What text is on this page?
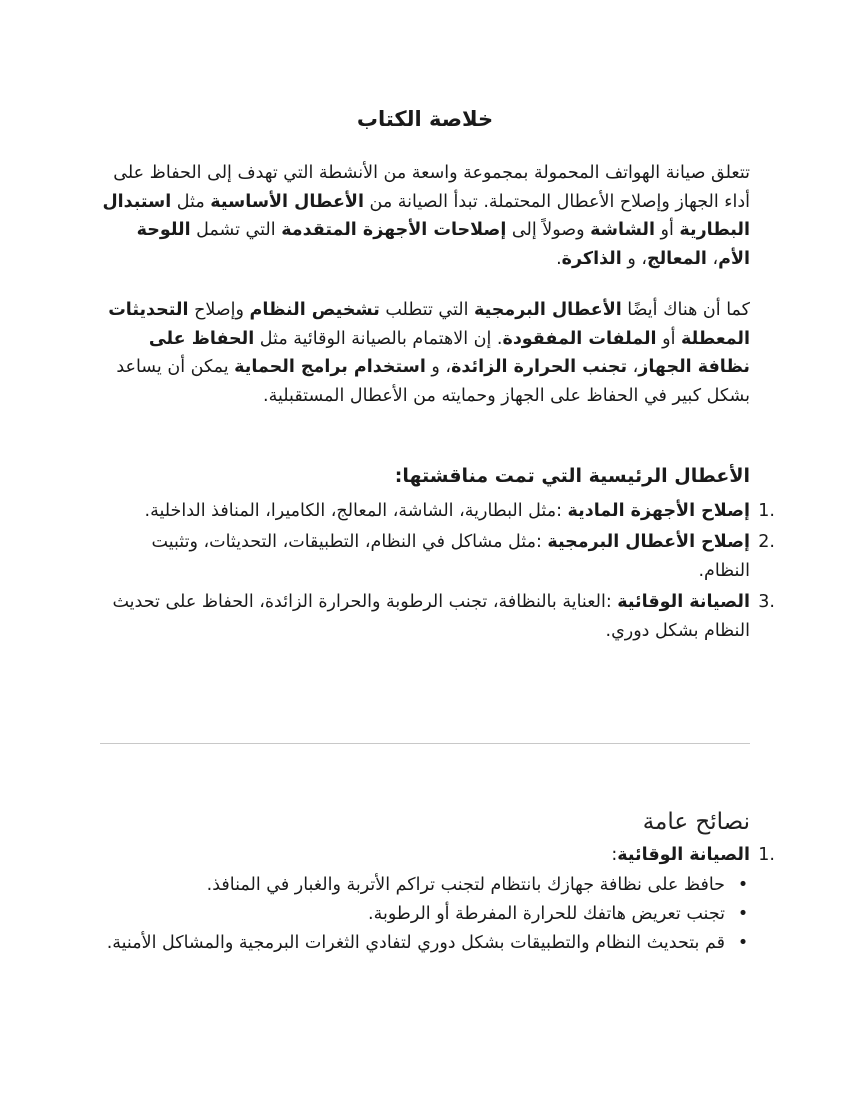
خلاصة الكتاب

تتعلق صيانة الهواتف المحمولة بمجموعة واسعة من الأنشطة التي تهدف إلى الحفاظ على أداء الجهاز وإصلاح الأعطال المحتملة. تبدأ الصيانة من الأعطال الأساسية مثل استبدال البطارية أو الشاشة وصولاً إلى إصلاحات الأجهزة المتقدمة التي تشمل اللوحة الأم، المعالج، و الذاكرة.

كما أن هناك أيضًا الأعطال البرمجية التي تتطلب تشخيص النظام وإصلاح التحديثات المعطلة أو الملفات المفقودة. إن الاهتمام بالصيانة الوقائية مثل الحفاظ على نظافة الجهاز، تجنب الحرارة الزائدة، و استخدام برامج الحماية يمكن أن يساعد بشكل كبير في الحفاظ على الجهاز وحمايته من الأعطال المستقبلية.

الأعطال الرئيسية التي تمت مناقشتها:
1.
إصلاح الأجهزة المادية :مثل البطارية، الشاشة، المعالج، الكاميرا، المنافذ الداخلية.
2.
إصلاح الأعطال البرمجية :مثل مشاكل في النظام، التطبيقات، التحديثات، وتثبيت النظام.
3.
الصيانة الوقائية :العناية بالنظافة، تجنب الرطوبة والحرارة الزائدة، الحفاظ على تحديث النظام بشكل دوري.
نصائح عامة

1.
الصيانة الوقائية:

•
حافظ على نظافة جهازك بانتظام لتجنب تراكم الأتربة والغبار في المنافذ.
•
تجنب تعريض هاتفك للحرارة المفرطة أو الرطوبة.
•
قم بتحديث النظام والتطبيقات بشكل دوري لتفادي الثغرات البرمجية والمشاكل الأمنية.
